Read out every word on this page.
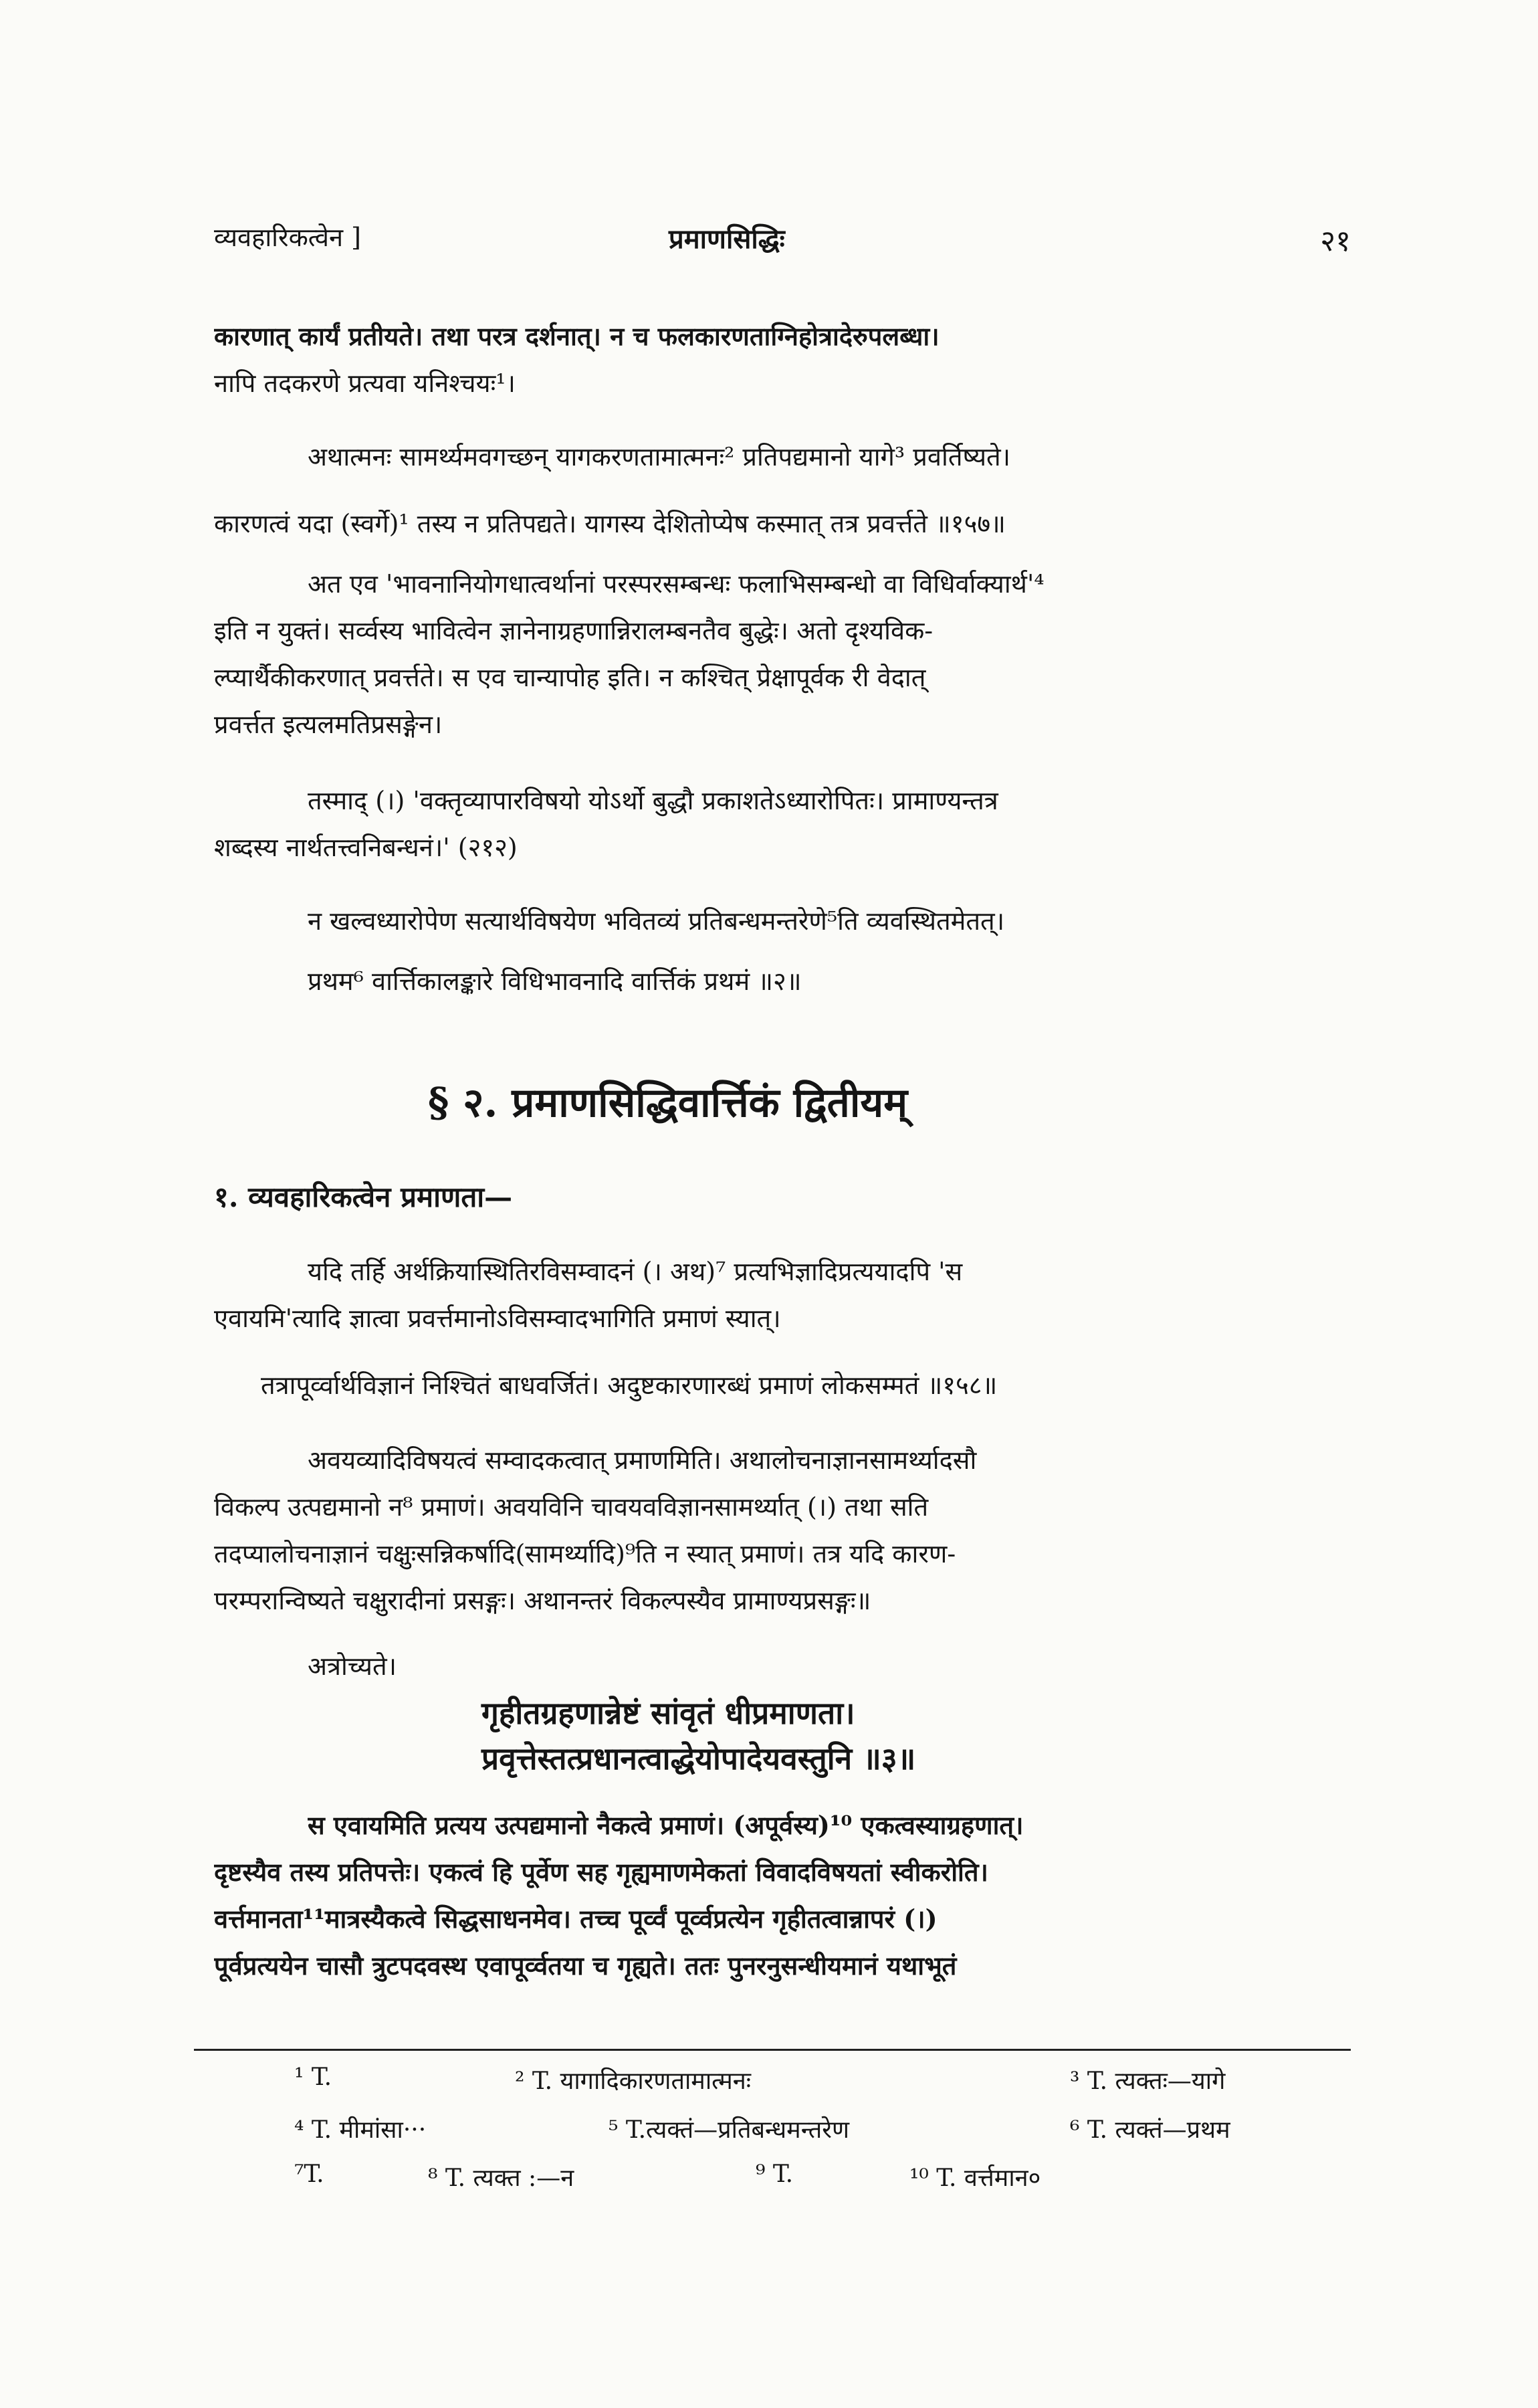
व्यवहारिकत्वेन ]	प्रमाणसिद्धिः	२१
कारणात् कार्यं प्रतीयते। तथा परत्र दर्शनात्। न च फलकारणताग्निहोत्रादेरुपलब्धा।
नापि तदकरणे प्रत्यवा यनिश्चयः¹।
अथात्मनः सामर्थ्यमवगच्छन् यागकरणतामात्मनः² प्रतिपद्यमानो यागे³ प्रवर्तिष्यते।
कारणत्वं यदा (स्वर्गे)¹ तस्य न प्रतिपद्यते। यागस्य देशितोप्येष कस्मात् तत्र प्रवर्त्तते ॥१५७॥
अत एव 'भावनानियोगधात्वर्थानां परस्परसम्बन्धः फलाभिसम्बन्धो वा विधिर्वाक्यार्थ'⁴
इति न युक्तं। सर्व्वस्य भावित्वेन ज्ञानेनाग्रहणान्निरालम्बनतैव बुद्धेः। अतो दृश्यविक-
ल्प्यार्थैकीकरणात् प्रवर्त्तते। स एव चान्यापोह इति। न कश्चित् प्रेक्षापूर्वक री वेदात्
प्रवर्त्तत इत्यलमतिप्रसङ्गेन।
तस्माद् (।) 'वक्तृव्यापारविषयो योऽर्थो बुद्धौ प्रकाशतेऽध्यारोपितः। प्रामाण्यन्तत्र
शब्दस्य नार्थतत्त्वनिबन्धनं।' (२१२)
न खल्वध्यारोपेण सत्यार्थविषयेण भवितव्यं प्रतिबन्धमन्तरेणे⁵ति व्यवस्थितमेतत्।
प्रथम⁶ वार्त्तिकालङ्कारे विधिभावनादि वार्त्तिकं प्रथमं ॥२॥
§ २. प्रमाणसिद्धिवार्त्तिकं द्वितीयम्
१. व्यवहारिकत्वेन प्रमाणता—
यदि तर्हि अर्थक्रियास्थितिरविसम्वादनं (। अथ)⁷ प्रत्यभिज्ञादिप्रत्ययादपि 'स
एवायमि'त्यादि ज्ञात्वा प्रवर्त्तमानोऽविसम्वादभागिति प्रमाणं स्यात्।
तत्रापूर्व्वार्थविज्ञानं निश्चितं बाधवर्जितं। अदुष्टकारणारब्धं प्रमाणं लोकसम्मतं ॥१५८॥
अवयव्यादिविषयत्वं सम्वादकत्वात् प्रमाणमिति। अथालोचनाज्ञानसामर्थ्यादसौ
विकल्प उत्पद्यमानो न⁸ प्रमाणं। अवयविनि चावयवविज्ञानसामर्थ्यात् (।) तथा सति
तदप्यालोचनाज्ञानं चक्षुःसन्निकर्षादि(सामर्थ्यादि)⁹ति न स्यात् प्रमाणं। तत्र यदि कारण-
परम्परान्विष्यते चक्षुरादीनां प्रसङ्गः। अथानन्तरं विकल्पस्यैव प्रामाण्यप्रसङ्गः॥
अत्रोच्यते।
गृहीतग्रहणान्नेष्टं सांवृतं धीप्रमाणता।
प्रवृत्तेस्तत्प्रधानत्वाद्धेयोपादेयवस्तुनि ॥३॥
स एवायमिति प्रत्यय उत्पद्यमानो नैकत्वे प्रमाणं। (अपूर्वस्य)¹⁰ एकत्वस्याग्रहणात्।
दृष्टस्यैव तस्य प्रतिपत्तेः। एकत्वं हि पूर्वेण सह गृह्यमाणमेकतां विवादविषयतां स्वीकरोति।
वर्त्तमानता¹¹मात्रस्यैकत्वे सिद्धसाधनमेव। तच्च पूर्व्वं पूर्व्वप्रत्येन गृहीतत्वान्नापरं (।)
पूर्वप्रत्ययेन चासौ त्रुटपदवस्थ एवापूर्व्वतया च गृह्यते। ततः पुनरनुसन्धीयमानं यथाभूतं
¹ T.	² T. यागादिकारणतामात्मनः	³ T. त्यक्तः—यागे
⁴ T. मीमांसा···	⁵ T.त्यक्तं—प्रतिबन्धमन्तरेण	⁶ T. त्यक्तं—प्रथम
⁷T.	⁸ T. त्यक्त :—न	⁹ T.	¹⁰ T. वर्त्तमान०
